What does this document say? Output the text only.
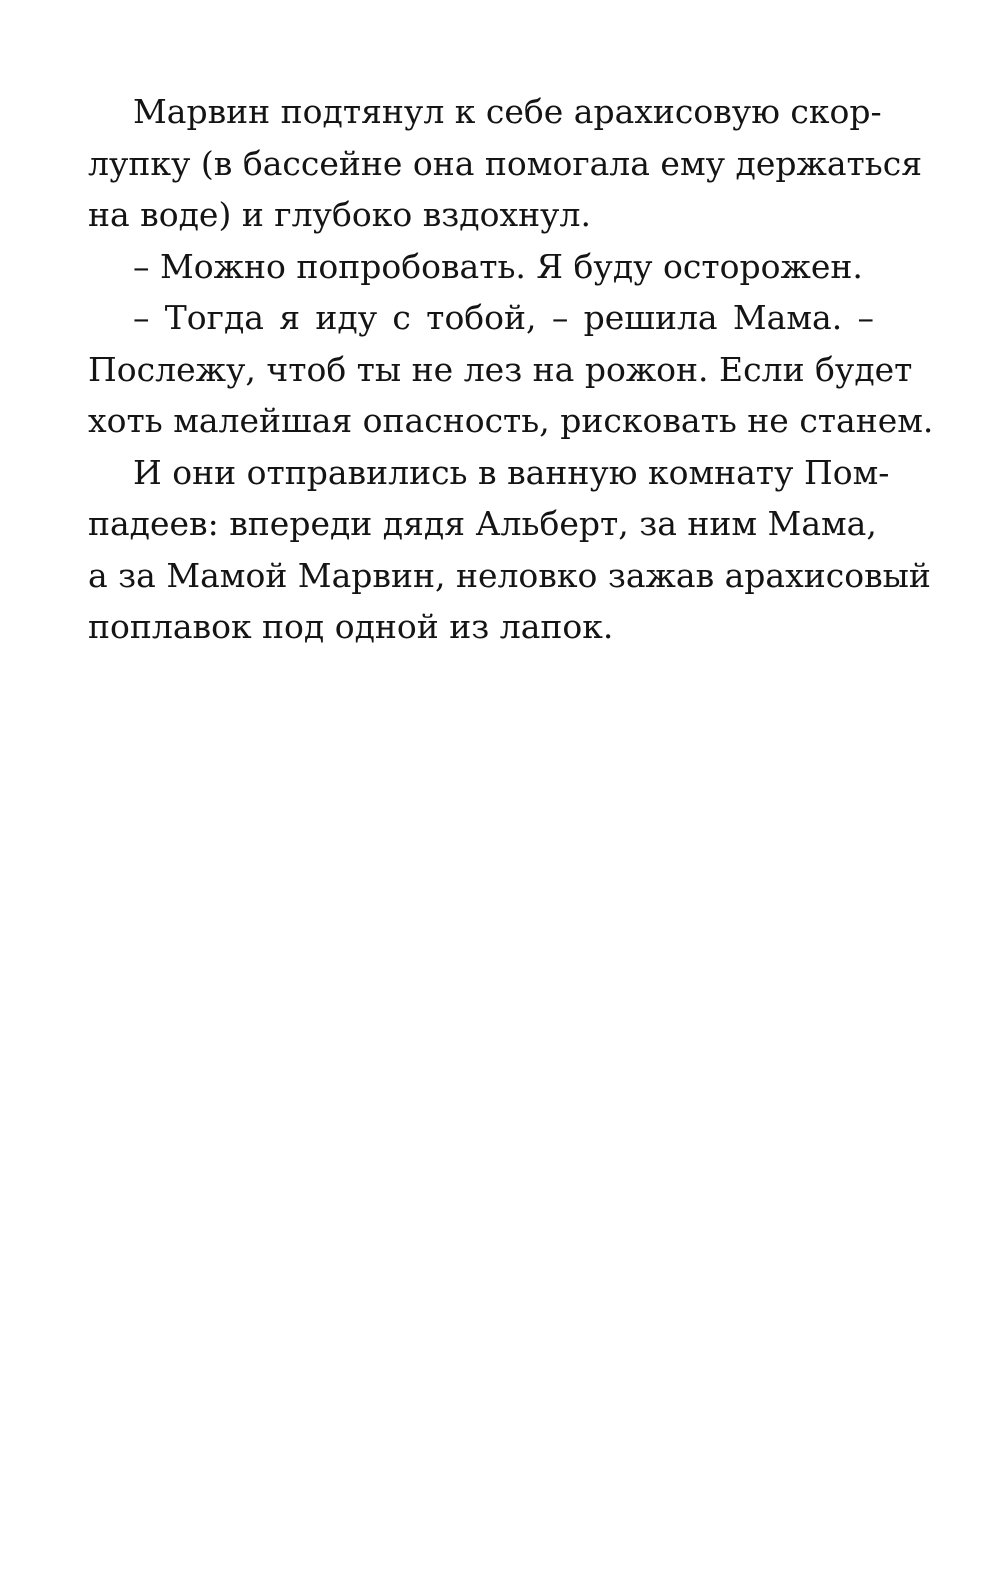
Марвин подтянул к себе арахисовую скор-
лупку (в бассейне она помогала ему держаться
на воде) и глубоко вздохнул.
– Можно попробовать. Я буду осторожен.
– Тогда я иду с тобой, – решила Мама. –
Послежу, чтоб ты не лез на рожон. Если будет
хоть малейшая опасность, рисковать не станем.
И они отправились в ванную комнату Пом-
падеев: впереди дядя Альберт, за ним Мама,
а за Мамой Марвин, неловко зажав арахисовый
поплавок под одной из лапок.
